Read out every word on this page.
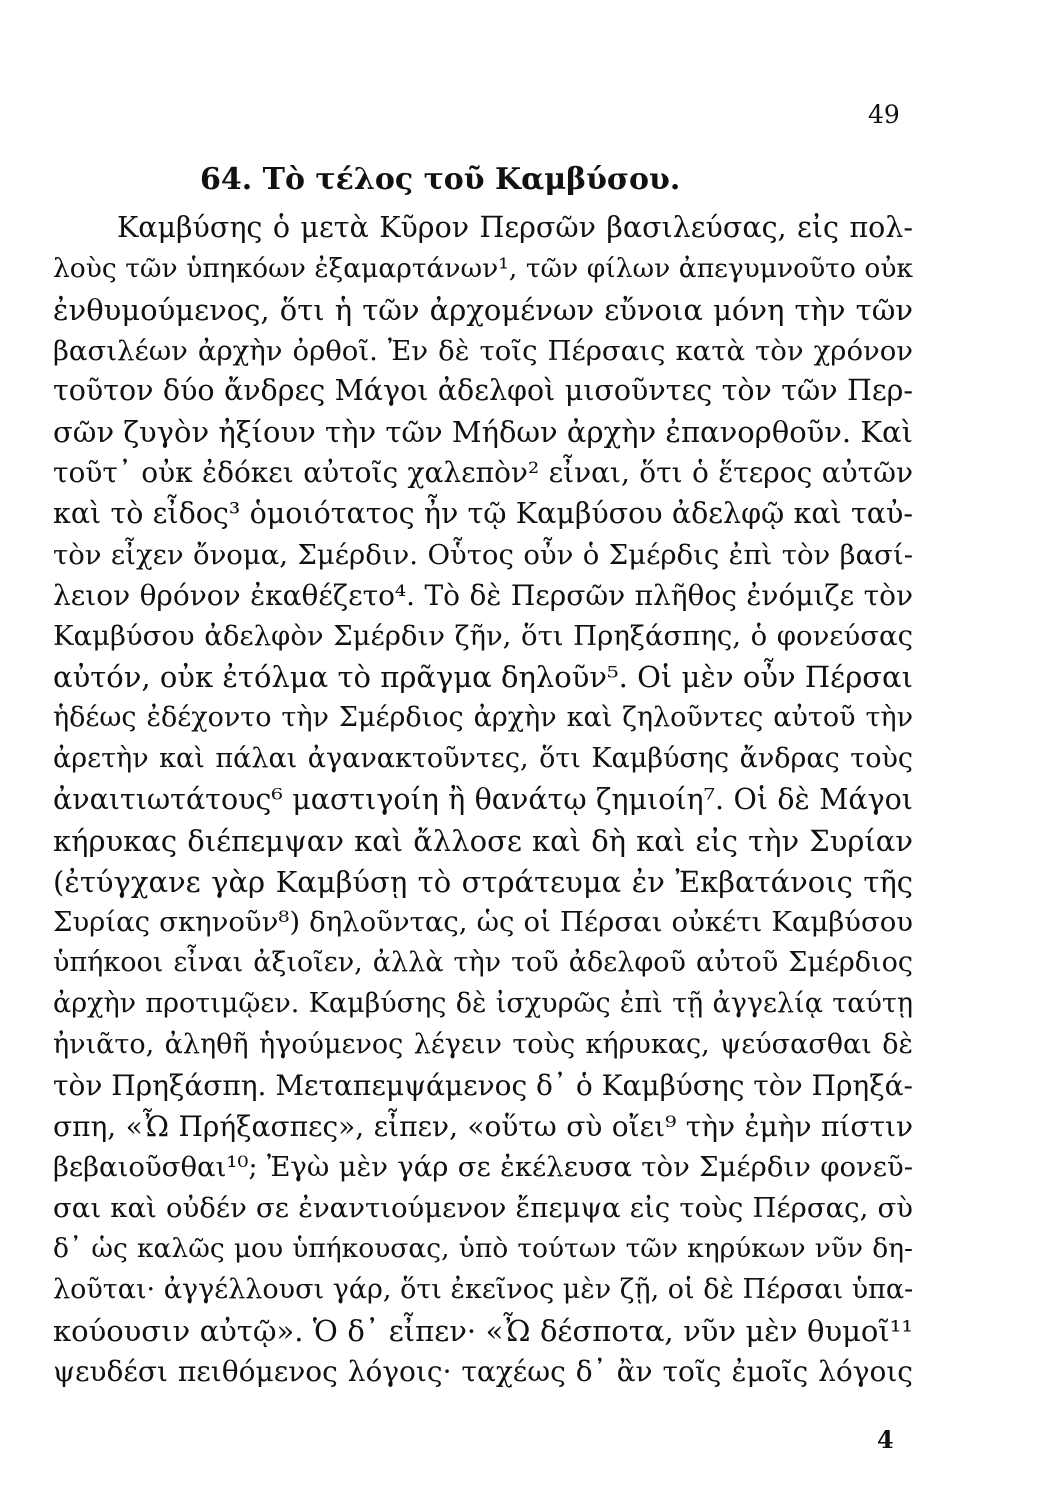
49
64. Τὸ τέλος τοῦ Καμβύσου.
Καμβύσης ὁ μετὰ Κῦρον Περσῶν βασιλεύσας, εἰς πολ-
λοὺς τῶν ὑπηκόων ἐξαμαρτάνων¹, τῶν φίλων ἀπεγυμνοῦτο οὐκ
ἐνθυμούμενος, ὅτι ἡ τῶν ἀρχομένων εὔνοια μόνη τὴν τῶν
βασιλέων ἀρχὴν ὀρθοῖ. Ἐν δὲ τοῖς Πέρσαις κατὰ τὸν χρόνον
τοῦτον δύο ἄνδρες Μάγοι ἀδελφοὶ μισοῦντες τὸν τῶν Περ-
σῶν ζυγὸν ἠξίουν τὴν τῶν Μήδων ἀρχὴν ἐπανορθοῦν. Καὶ
τοῦτ᾽ οὐκ ἐδόκει αὐτοῖς χαλεπὸν² εἶναι, ὅτι ὁ ἕτερος αὐτῶν
καὶ τὸ εἶδος³ ὁμοιότατος ἦν τῷ Καμβύσου ἀδελφῷ καὶ ταὐ-
τὸν εἶχεν ὄνομα, Σμέρδιν. Οὗτος οὖν ὁ Σμέρδις ἐπὶ τὸν βασί-
λειον θρόνον ἐκαθέζετο⁴. Τὸ δὲ Περσῶν πλῆθος ἐνόμιζε τὸν
Καμβύσου ἀδελφὸν Σμέρδιν ζῆν, ὅτι Πρηξάσπης, ὁ φονεύσας
αὐτόν, οὐκ ἐτόλμα τὸ πρᾶγμα δηλοῦν⁵. Οἱ μὲν οὖν Πέρσαι
ἡδέως ἐδέχοντο τὴν Σμέρδιος ἀρχὴν καὶ ζηλοῦντες αὐτοῦ τὴν
ἀρετὴν καὶ πάλαι ἀγανακτοῦντες, ὅτι Καμβύσης ἄνδρας τοὺς
ἀναιτιωτάτους⁶ μαστιγοίη ἢ θανάτῳ ζημιοίη⁷. Οἱ δὲ Μάγοι
κήρυκας διέπεμψαν καὶ ἄλλοσε καὶ δὴ καὶ εἰς τὴν Συρίαν
(ἐτύγχανε γὰρ Καμβύσῃ τὸ στράτευμα ἐν Ἐκβατάνοις τῆς
Συρίας σκηνοῦν⁸) δηλοῦντας, ὡς οἱ Πέρσαι οὐκέτι Καμβύσου
ὑπήκοοι εἶναι ἀξιοῖεν, ἀλλὰ τὴν τοῦ ἀδελφοῦ αὐτοῦ Σμέρδιος
ἀρχὴν προτιμῷεν. Καμβύσης δὲ ἰσχυρῶς ἐπὶ τῇ ἀγγελίᾳ ταύτῃ
ἠνιᾶτο, ἀληθῆ ἡγούμενος λέγειν τοὺς κήρυκας, ψεύσασθαι δὲ
τὸν Πρηξάσπη. Μεταπεμψάμενος δ᾽ ὁ Καμβύσης τὸν Πρηξά-
σπη, «Ὦ Πρήξασπες», εἶπεν, «οὕτω σὺ οἴει⁹ τὴν ἐμὴν πίστιν
βεβαιοῦσθαι¹⁰; Ἐγὼ μὲν γάρ σε ἐκέλευσα τὸν Σμέρδιν φονεῦ-
σαι καὶ οὐδέν σε ἐναντιούμενον ἔπεμψα εἰς τοὺς Πέρσας, σὺ
δ᾽ ὡς καλῶς μου ὑπήκουσας, ὑπὸ τούτων τῶν κηρύκων νῦν δη-
λοῦται· ἀγγέλλουσι γάρ, ὅτι ἐκεῖνος μὲν ζῇ, οἱ δὲ Πέρσαι ὑπα-
κούουσιν αὐτῷ». Ὁ δ᾽ εἶπεν· «Ὦ δέσποτα, νῦν μὲν θυμοῖ¹¹
ψευδέσι πειθόμενος λόγοις· ταχέως δ᾽ ἂν τοῖς ἐμοῖς λόγοις
4
